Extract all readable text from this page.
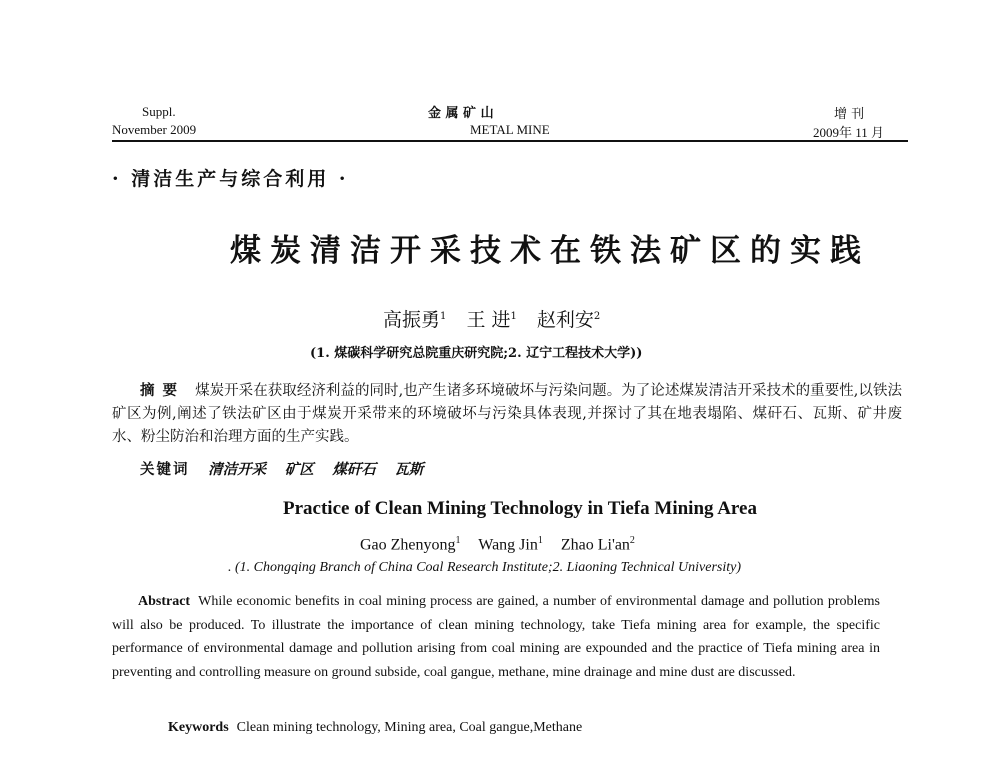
Suppl.
November 2009
金 属 矿 山
METAL MINE
增 刊
2009年 11 月
· 清洁生产与综合利用 ·
煤炭清洁开采技术在铁法矿区的实践
高振勇$^1$ 王 进$^1$ 赵利安$^2$
(1. 煤碳科学研究总院重庆研究院;2. 辽宁工程技术大学))
摘要 煤炭开采在获取经济利益的同时,也产生诸多环境破坏与污染问题。为了论述煤炭清洁开采技术的重要性,以铁法矿区为例,阐述了铁法矿区由于煤炭开采带来的环境破坏与污染具体表现,并探讨了其在地表塌陷、煤矸石、瓦斯、矿井废水、粉尘防治和治理方面的生产实践。
关键词 清洁开采 矿区 煤矸石 瓦斯
Practice of Clean Mining Technology in Tiefa Mining Area
Gao Zhenyong$^1$ Wang Jin$^1$ Zhao $Li'an^2$
. (1. Chongqing Branch of China Coal Research Institute;2. Liaoning Technical University)
Abstract While economic benefits in coal mining process are gained, a number of environmental damage and pollution problems will also be produced. To illustrate the importance of clean mining technology, take Tiefa mining area for example, the specific performance of environmental damage and pollution arising from coal mining are expounded and the practice of Tiefa mining area in preventing and controlling measure on ground subside, coal gangue, methane, mine drainage and mine dust are discussed.
Keywords Clean mining technology, Mining area, Coal gangue,Methane
